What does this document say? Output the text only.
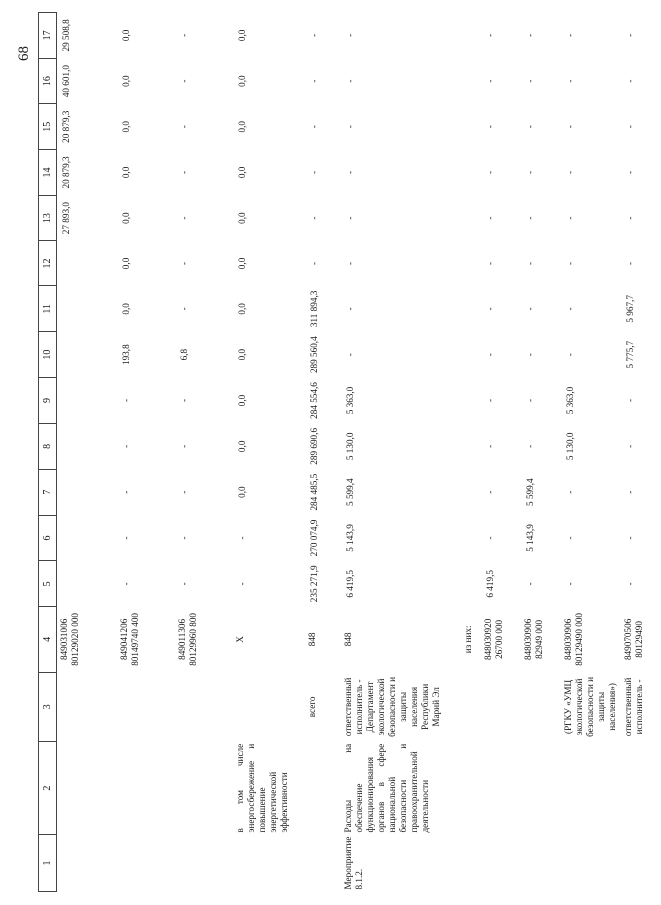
68
1	2	3	4	5	6	7	8	9	10	11	12	13	14	15	16	17
			849031006 80129020 000									27 893,0	20 879,3	20 879,3	40 601,0	29 508,8
			849041206 80149740 400	-	-	-	-	-	193,8	0,0	0,0	0,0	0,0	0,0	0,0	0,0
			849011306 80129960 800	-	-	-	-	-	6,8	-	-	-	-	-	-	-
	в том числе энергосбережение и повышение энергетической эффективности		Х	-	-	0,0	0,0	0,0	0,0	0,0	0,0	0,0	0,0	0,0	0,0	0,0
		всего	848	235 271,9	270 074,9	284 485,5	289 690,6	284 554,6	289 560,4	311 894,3	-	-	-	-	-	-
Мероприятие 8.1.2.	Расходы на обеспечение функционирования органов в сфере национальной безопасности и правоохранительной деятельности	ответственный исполнитель - Департамент экологической безопасности и защиты населения Республики Марий Эл	848	6 419,5	5 143,9	5 599,4	5 130,0	5 363,0	-	-	-	-	-	-	-	-
			из них:													
			848030920 26700 000	6 419,5	-	-	-	-	-	-	-	-	-	-	-	-
			848030906 82949 000	-	5 143,9	5 599,4	-	-	-	-	-	-	-	-	-	-
		(РГКУ «УМЦ экологической безопасности и защиты населения»)	848030906 80129490 000	-	-	-	5 130,0	5 363,0	-	-	-	-	-	-	-	-
		ответственный исполнитель -	849070506 80129490	-	-	-	-	-	5 775,7	5 967,7	-	-	-	-	-	-
